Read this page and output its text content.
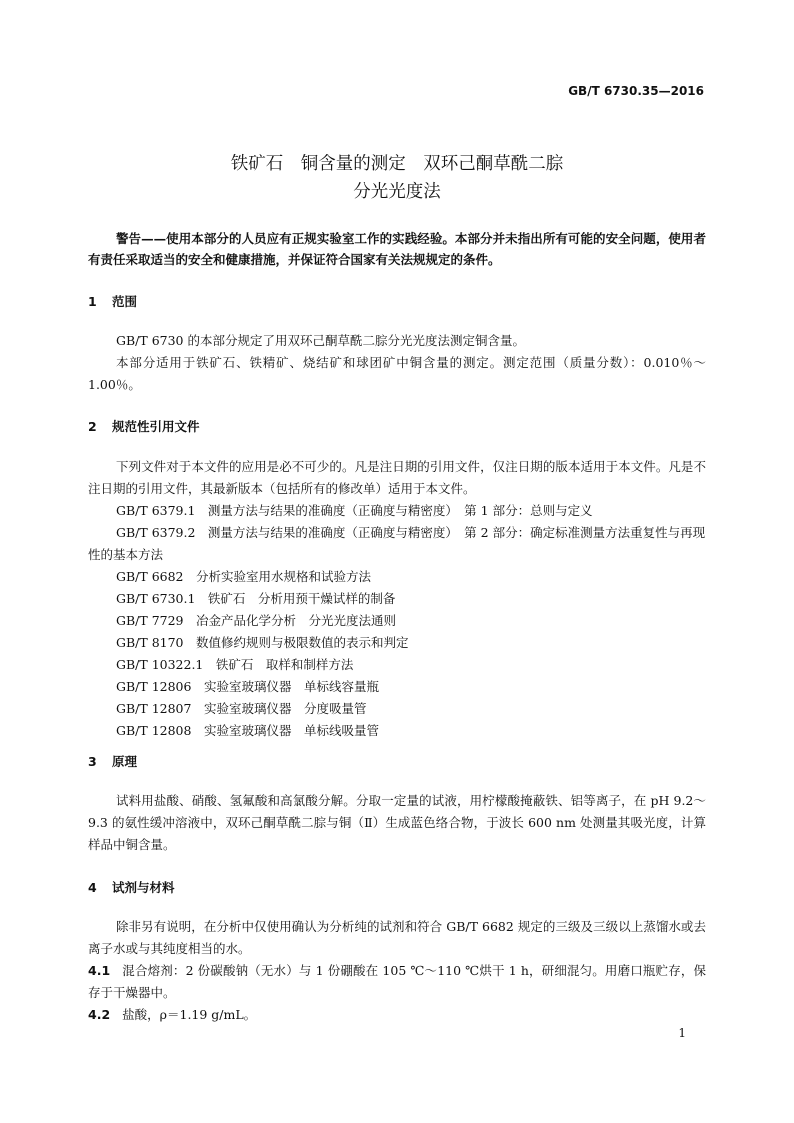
GB/T 6730.35—2016
铁矿石　铜含量的测定　双环己酮草酰二腙
分光光度法
警告——使用本部分的人员应有正规实验室工作的实践经验。本部分并未指出所有可能的安全问题，使用者有责任采取适当的安全和健康措施，并保证符合国家有关法规规定的条件。
1 范围
GB/T 6730 的本部分规定了用双环己酮草酰二腙分光光度法测定铜含量。
本部分适用于铁矿石、铁精矿、烧结矿和球团矿中铜含量的测定。测定范围（质量分数）：0.010％～1.00％。
2 规范性引用文件
下列文件对于本文件的应用是必不可少的。凡是注日期的引用文件，仅注日期的版本适用于本文件。凡是不注日期的引用文件，其最新版本（包括所有的修改单）适用于本文件。
GB/T 6379.1　测量方法与结果的准确度（正确度与精密度）　第 1 部分：总则与定义
GB/T 6379.2　测量方法与结果的准确度（正确度与精密度）　第 2 部分：确定标准测量方法重复性与再现性的基本方法
GB/T 6682　分析实验室用水规格和试验方法
GB/T 6730.1　铁矿石　分析用预干燥试样的制备
GB/T 7729　冶金产品化学分析　分光光度法通则
GB/T 8170　数值修约规则与极限数值的表示和判定
GB/T 10322.1　铁矿石　取样和制样方法
GB/T 12806　实验室玻璃仪器　单标线容量瓶
GB/T 12807　实验室玻璃仪器　分度吸量管
GB/T 12808　实验室玻璃仪器　单标线吸量管
3 原理
试料用盐酸、硝酸、氢氟酸和高氯酸分解。分取一定量的试液，用柠檬酸掩蔽铁、铝等离子，在 pH 9.2～9.3 的氨性缓冲溶液中，双环己酮草酰二腙与铜（Ⅱ）生成蓝色络合物，于波长 600 nm 处测量其吸光度，计算样品中铜含量。
4 试剂与材料
除非另有说明，在分析中仅使用确认为分析纯的试剂和符合 GB/T 6682 规定的三级及三级以上蒸馏水或去离子水或与其纯度相当的水。
4.1 混合熔剂：2 份碳酸钠（无水）与 1 份硼酸在 105 ℃～110 ℃烘干 1 h，研细混匀。用磨口瓶贮存，保存于干燥器中。
4.2 盐酸，ρ＝1.19 g/mL。
1
